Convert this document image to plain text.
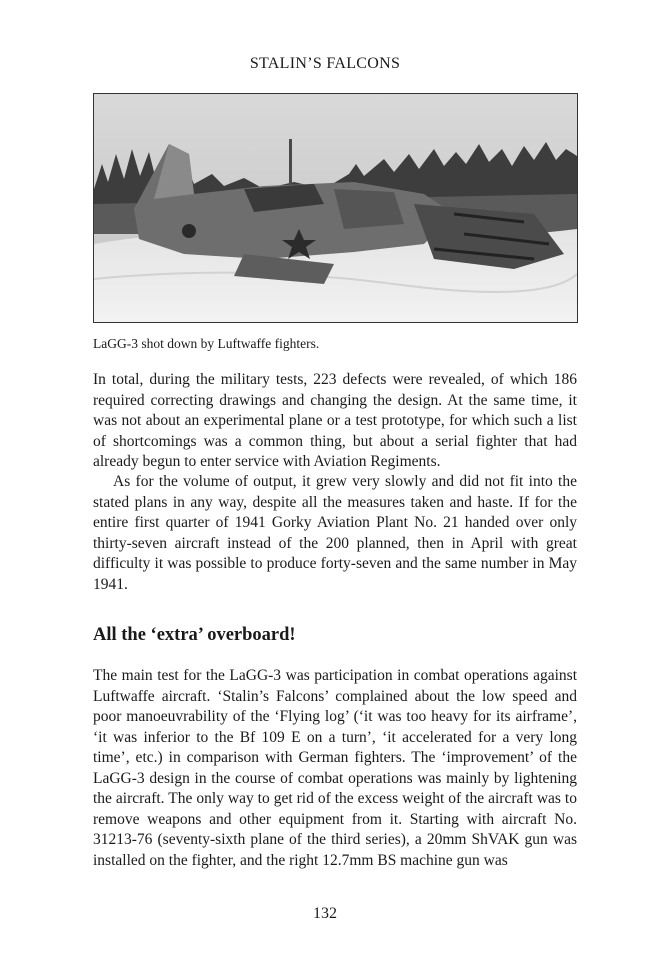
STALIN’S FALCONS
LaGG-3 shot down by Luftwaffe fighters.

In total, during the military tests, 223 defects were revealed, of which 186 required correcting drawings and changing the design. At the same time, it was not about an experimental plane or a test prototype, for which such a list of shortcomings was a common thing, but about a serial fighter that had already begun to enter service with Aviation Regiments.

As for the volume of output, it grew very slowly and did not fit into the stated plans in any way, despite all the measures taken and haste. If for the entire first quarter of 1941 Gorky Aviation Plant No. 21 handed over only thirty-seven aircraft instead of the 200 planned, then in April with great difficulty it was possible to produce forty-seven and the same number in May 1941.

All the ‘extra’ overboard!

The main test for the LaGG-3 was participation in combat operations against Luftwaffe aircraft. ‘Stalin’s Falcons’ complained about the low speed and poor manoeuvrability of the ‘Flying log’ (‘it was too heavy for its airframe’, ‘it was inferior to the Bf 109 E on a turn’, ‘it accelerated for a very long time’, etc.) in comparison with German fighters. The ‘improvement’ of the LaGG-3 design in the course of combat operations was mainly by lightening the aircraft. The only way to get rid of the excess weight of the aircraft was to remove weapons and other equipment from it. Starting with aircraft No. 31213-76 (seventy-sixth plane of the third series), a 20mm ShVAK gun was installed on the fighter, and the right 12.7mm BS machine gun was

132
